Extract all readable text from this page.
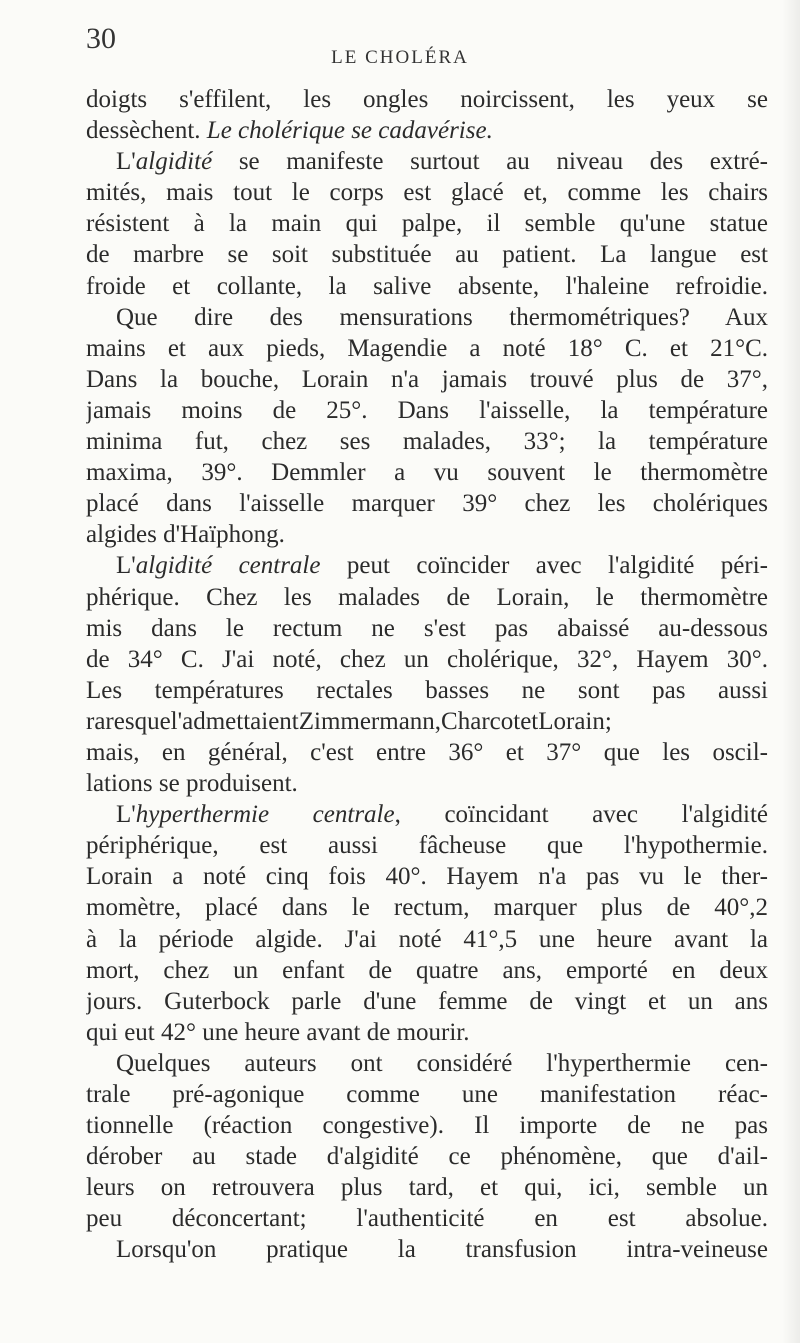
30
LE CHOLÉRA
doigts s'effilent, les ongles noircissent, les yeux se
dessèchent. Le cholérique se cadavérise.
L'algidité se manifeste surtout au niveau des extré-
mités, mais tout le corps est glacé et, comme les chairs
résistent à la main qui palpe, il semble qu'une statue
de marbre se soit substituée au patient. La langue est
froide et collante, la salive absente, l'haleine refroidie.
Que dire des mensurations thermométriques? Aux
mains et aux pieds, Magendie a noté 18° C. et 21°C.
Dans la bouche, Lorain n'a jamais trouvé plus de 37°,
jamais moins de 25°. Dans l'aisselle, la température
minima fut, chez ses malades, 33°; la température
maxima, 39°. Demmler a vu souvent le thermomètre
placé dans l'aisselle marquer 39° chez les cholériques
algides d'Haïphong.
L'algidité centrale peut coïncider avec l'algidité péri-
phérique. Chez les malades de Lorain, le thermomètre
mis dans le rectum ne s'est pas abaissé au-dessous
de 34° C. J'ai noté, chez un cholérique, 32°, Hayem 30°.
Les températures rectales basses ne sont pas aussi
raresquel'admettaientZimmermann,CharcotetLorain;
mais, en général, c'est entre 36° et 37° que les oscil-
lations se produisent.
L'hyperthermie centrale, coïncidant avec l'algidité
périphérique, est aussi fâcheuse que l'hypothermie.
Lorain a noté cinq fois 40°. Hayem n'a pas vu le ther-
momètre, placé dans le rectum, marquer plus de 40°,2
à la période algide. J'ai noté 41°,5 une heure avant la
mort, chez un enfant de quatre ans, emporté en deux
jours. Guterbock parle d'une femme de vingt et un ans
qui eut 42° une heure avant de mourir.
Quelques auteurs ont considéré l'hyperthermie cen-
trale pré-agonique comme une manifestation réac-
tionnelle (réaction congestive). Il importe de ne pas
dérober au stade d'algidité ce phénomène, que d'ail-
leurs on retrouvera plus tard, et qui, ici, semble un
peu déconcertant; l'authenticité en est absolue.
Lorsqu'on pratique la transfusion intra-veineuse
